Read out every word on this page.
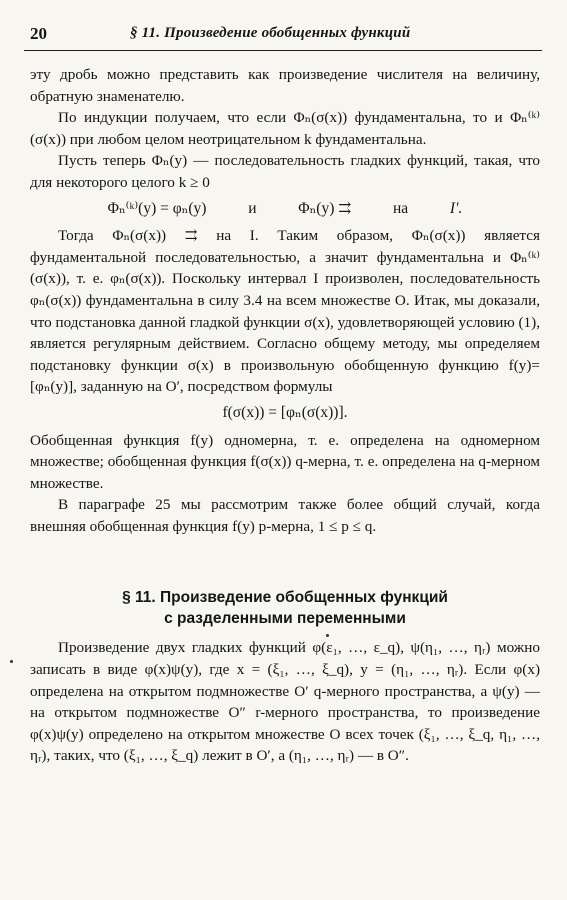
20	§ 11. Произведение обобщенных функций

эту дробь можно представить как произведение числителя на величину, обратную знаменателю.

По индукции получаем, что если Φₙ(σ(x)) фундаментальна, то и Φₙ⁽ᵏ⁾(σ(x)) при любом целом неотрицательном k фундаментальна.

Пусть теперь Φₙ(y) — последовательность гладких функций, такая, что для некоторого целого k ≥ 0

Φₙ⁽ᵏ⁾(y) = φₙ(y)	и	Φₙ(y) ⇉	на	I′.

Тогда Φₙ(σ(x)) ⇉ на I. Таким образом, Φₙ(σ(x)) является фундаментальной последовательностью, а значит фундаментальна и Φₙ⁽ᵏ⁾(σ(x)), т. е. φₙ(σ(x)). Поскольку интервал I произволен, последовательность φₙ(σ(x)) фундаментальна в силу 3.4 на всем множестве O. Итак, мы доказали, что подстановка данной гладкой функции σ(x), удовлетворяющей условию (1), является регулярным действием. Согласно общему методу, мы определяем подстановку функции σ(x) в произвольную обобщенную функцию f(y)=[φₙ(y)], заданную на O′, посредством формулы

f(σ(x)) = [φₙ(σ(x))].

Обобщенная функция f(y) одномерна, т. е. определена на одномерном множестве; обобщенная функция f(σ(x)) q-мерна, т. е. определена на q-мерном множестве.

В параграфе 25 мы рассмотрим также более общий случай, когда внешняя обобщенная функция f(y) p-мерна, 1 ≤ p ≤ q.

§ 11. Произведение обобщенных функций
с разделенными переменными

Произведение двух гладких функций φ(ε₁, …, ε_q), ψ(η₁, …, ηᵣ) можно записать в виде φ(x)ψ(y), где x = (ξ₁, …, ξ_q), y = (η₁, …, ηᵣ). Если φ(x) определена на открытом подмножестве O′ q-мерного пространства, а ψ(y) — на открытом подмножестве O″ r-мерного пространства, то произведение φ(x)ψ(y) определено на открытом множестве O всех точек (ξ₁, …, ξ_q, η₁, …, ηᵣ), таких, что (ξ₁, …, ξ_q) лежит в O′, а (η₁, …, ηᵣ) — в O″.
